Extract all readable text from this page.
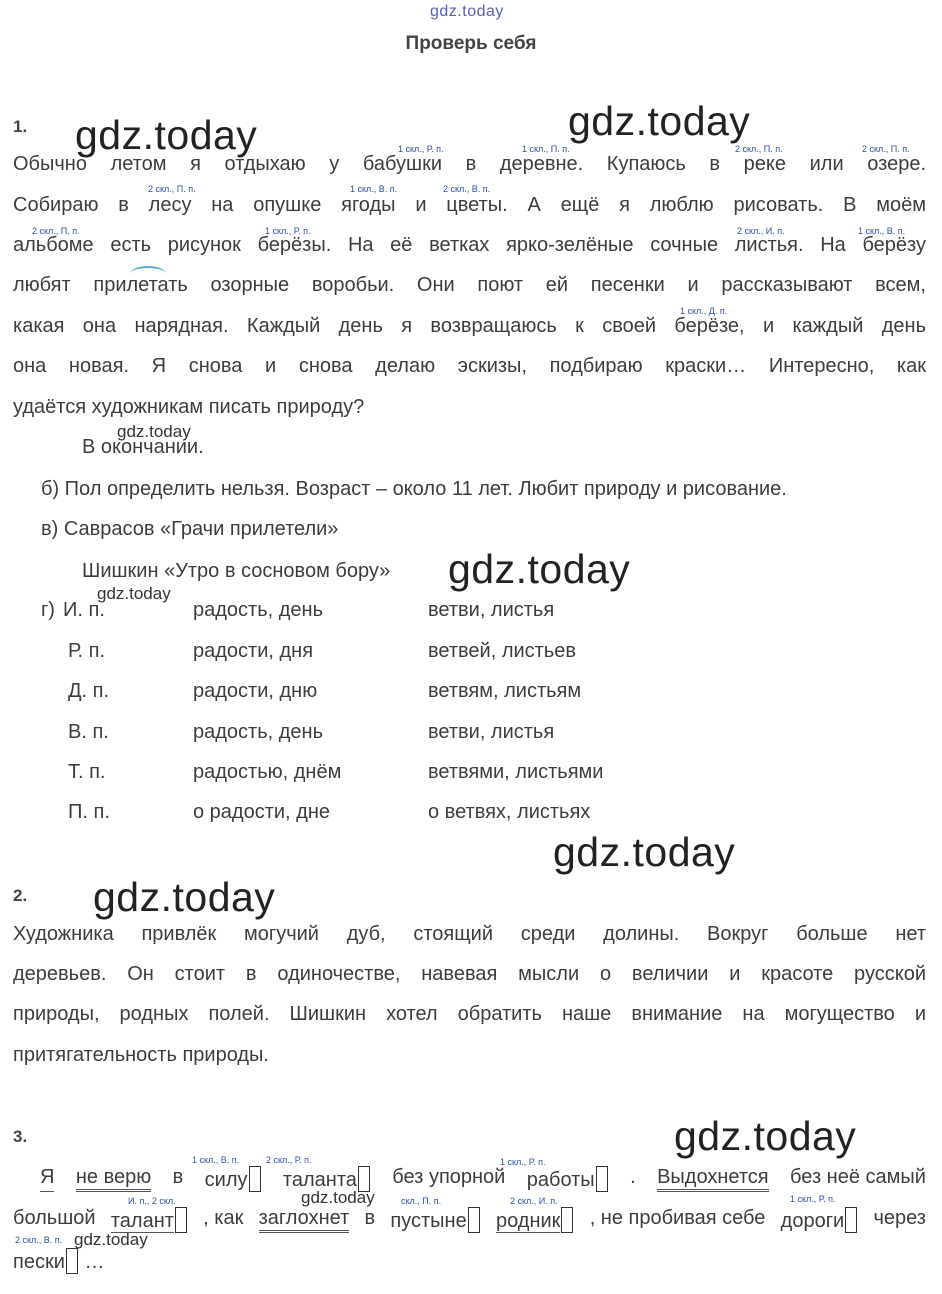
gdz.today
gdz.today	gdz.today
gdz.today
gdz.today
gdz.today
gdz.today
gdz.today
gdz.today
gdz.today
gdz.today
Проверь себя
1.
1 скл., Р. п.	1 скл., П. п.	2 скл., П. п.	2 скл., П. п.
Обычно летом я отдыхаю у бабушки в деревне. Купаюсь в реке или озере.
2 скл., П. п.	1 скл., В. п.	2 скл., В. п.
Собираю в лесу на опушке ягоды и цветы. А ещё я люблю рисовать. В моём
2 скл., П. п.	1 скл., Р. п.	2 скл., И. п.	1 скл., В. п.
альбоме есть рисунок берёзы. На её ветках ярко-зелёные сочные листья. На берёзу
любят прилетать озорные воробьи. Они поют ей песенки и рассказывают всем,
1 скл., Д. п.
какая она нарядная. Каждый день я возвращаюсь к своей берёзе, и каждый день
она новая. Я снова и снова делаю эскизы, подбираю краски… Интересно, как
удаётся художникам писать природу?
В окончании.
б) Пол определить нельзя. Возраст – около 11 лет. Любит природу и рисование.
в) Саврасов «Грачи прилетели»
Шишкин «Утро в сосновом бору»
г) И. п.	радость, день	ветви, листья
Р. п.	радости, дня	ветвей, листьев
Д. п.	радости, дню	ветвям, листьям
В. п.	радость, день	ветви, листья
Т. п.	радостью, днём	ветвями, листьями
П. п.	о радости, дне	о ветвях, листьях
2.
Художника привлёк могучий дуб, стоящий среди долины. Вокруг больше нет
деревьев. Он стоит в одиночестве, навевая мысли о величии и красоте русской
природы, родных полей. Шишкин хотел обратить наше внимание на могущество и
притягательность природы.
3.
1 скл., В. п.	2 скл., Р. п.	1 скл., Р. п.
Я не верю в силу	таланта	без упорной работы	. Выдохнется без неё самый
И. п., 2 скл.	скл., П. п.	2 скл., И. п.	1 скл., Р. п.
большой талант	, как заглохнет в пустыне	родник	, не пробивая себе дороги	через
2 скл., В. п.
пески …
